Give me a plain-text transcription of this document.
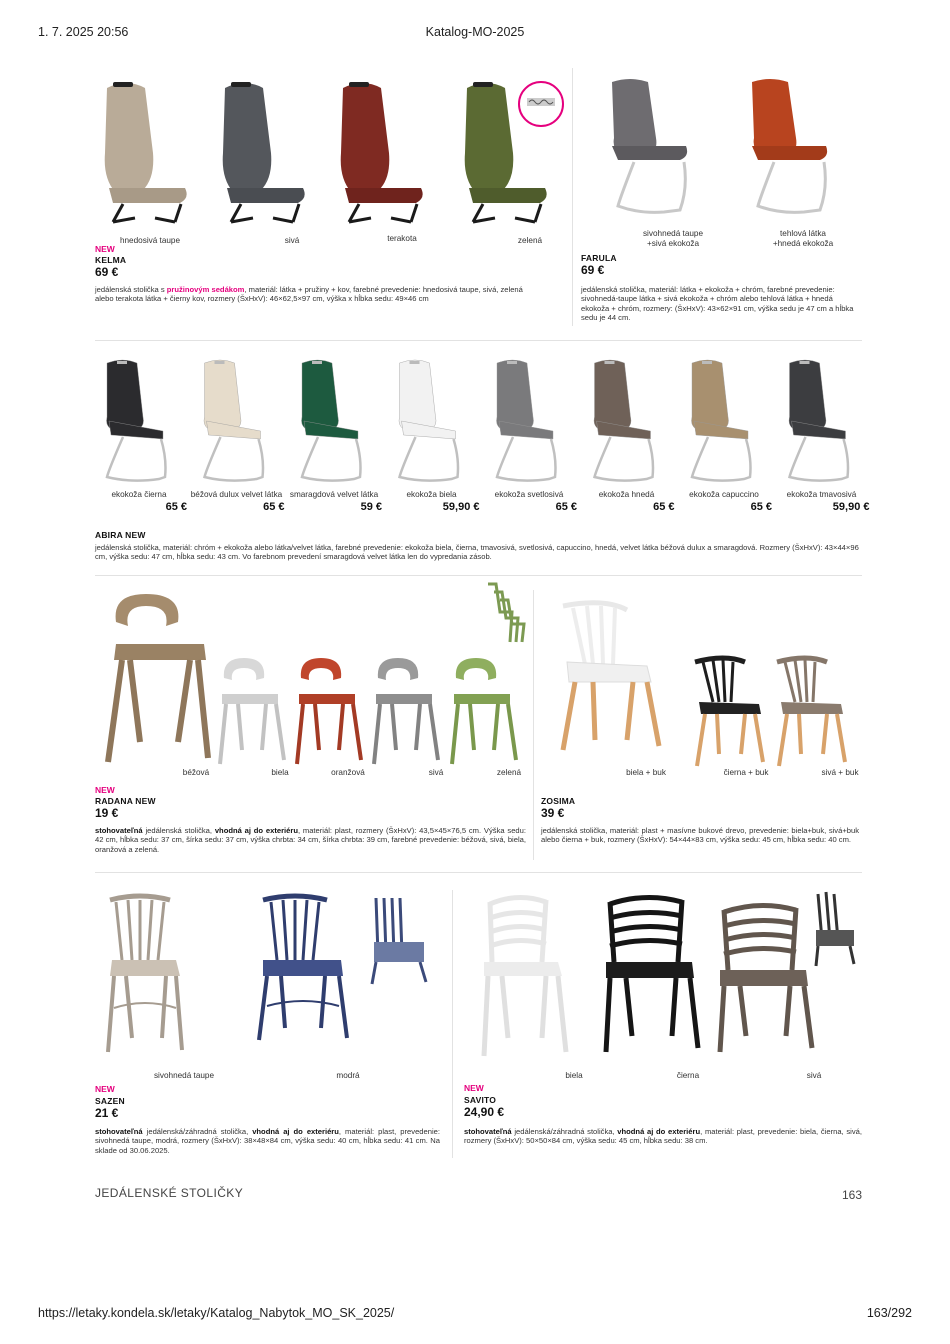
1. 7. 2025 20:56	Katalog-MO-2025
hnedosivá taupe	sivá	terakota	zelená
NEW
KELMA
69 €
jedálenská stolička s pružinovým sedákom, materiál: látka + pružiny + kov, farebné prevedenie: hnedosivá taupe, sivá, zelená
alebo terakota látka + čierny kov, rozmery (ŠxHxV): 46×62,5×97 cm, výška x hĺbka sedu: 49×46 cm
sivohnedá taupe
+sivá ekokoža
tehlová látka
+hnedá ekokoža
FARULA
69 €
jedálenská stolička, materiál: látka + ekokoža + chróm, farebné prevedenie: sivohnedá-taupe látka + sivá ekokoža + chróm alebo tehlová látka + hnedá ekokoža + chróm, rozmery: (ŠxHxV): 43×62×91 cm, výška sedu je 47 cm a hĺbka sedu je 44 cm.
ekokoža čierna
65 €
béžová dulux velvet látka
65 €
smaragdová velvet látka
59 €
ekokoža biela
59,90 €
ekokoža svetlosivá
65 €
ekokoža hnedá
65 €
ekokoža capuccino
65 €
ekokoža tmavosivá
59,90 €
ABIRA NEW
jedálenská stolička, materiál: chróm + ekokoža alebo látka/velvet látka, farebné prevedenie: ekokoža biela, čierna, tmavosivá, svetlosivá, capuccino, hnedá, velvet látka béžová dulux a smaragdová. Rozmery (ŠxHxV): 43×44×96 cm, výška sedu: 47 cm, hĺbka sedu: 43 cm. Vo farebnom prevedení smaragdová velvet látka len do vypredania zásob.
béžová	biela	oranžová	sivá	zelená
NEW
RADANA NEW
19 €
stohovateľná jedálenská stolička, vhodná aj do exteriéru, materiál: plast, rozmery (ŠxHxV): 43,5×45×76,5 cm. Výška sedu: 42 cm, hĺbka sedu: 37 cm, šírka sedu: 37 cm, výška chrbta: 34 cm, šírka chrbta: 39 cm, farebné prevedenie: béžová, sivá, biela, oranžová a zelená.
biela + buk	čierna + buk	sivá + buk
ZOSIMA
39 €
jedálenská stolička, materiál: plast + masívne bukové drevo, prevedenie: biela+buk, sivá+buk alebo čierna + buk, rozmery (ŠxHxV): 54×44×83 cm, výška sedu: 45 cm, hĺbka sedu: 40 cm.
sivohnedá taupe	modrá
NEW
SAZEN
21 €
stohovateľná jedálenská/záhradná stolička, vhodná aj do exteriéru, materiál: plast, prevedenie: sivohnedá taupe, modrá, rozmery (ŠxHxV): 38×48×84 cm, výška sedu: 40 cm, hĺbka sedu: 41 cm. Na sklade od 30.06.2025.
biela	čierna	sivá
NEW
SAVITO
24,90 €
stohovateľná jedálenská/záhradná stolička, vhodná aj do exteriéru, materiál: plast, prevedenie: biela, čierna, sivá, rozmery (ŠxHxV): 50×50×84 cm, výška sedu: 45 cm, hĺbka sedu: 38 cm.
JEDÁLENSKÉ STOLIČKY	163
https://letaky.kondela.sk/letaky/Katalog_Nabytok_MO_SK_2025/	163/292
